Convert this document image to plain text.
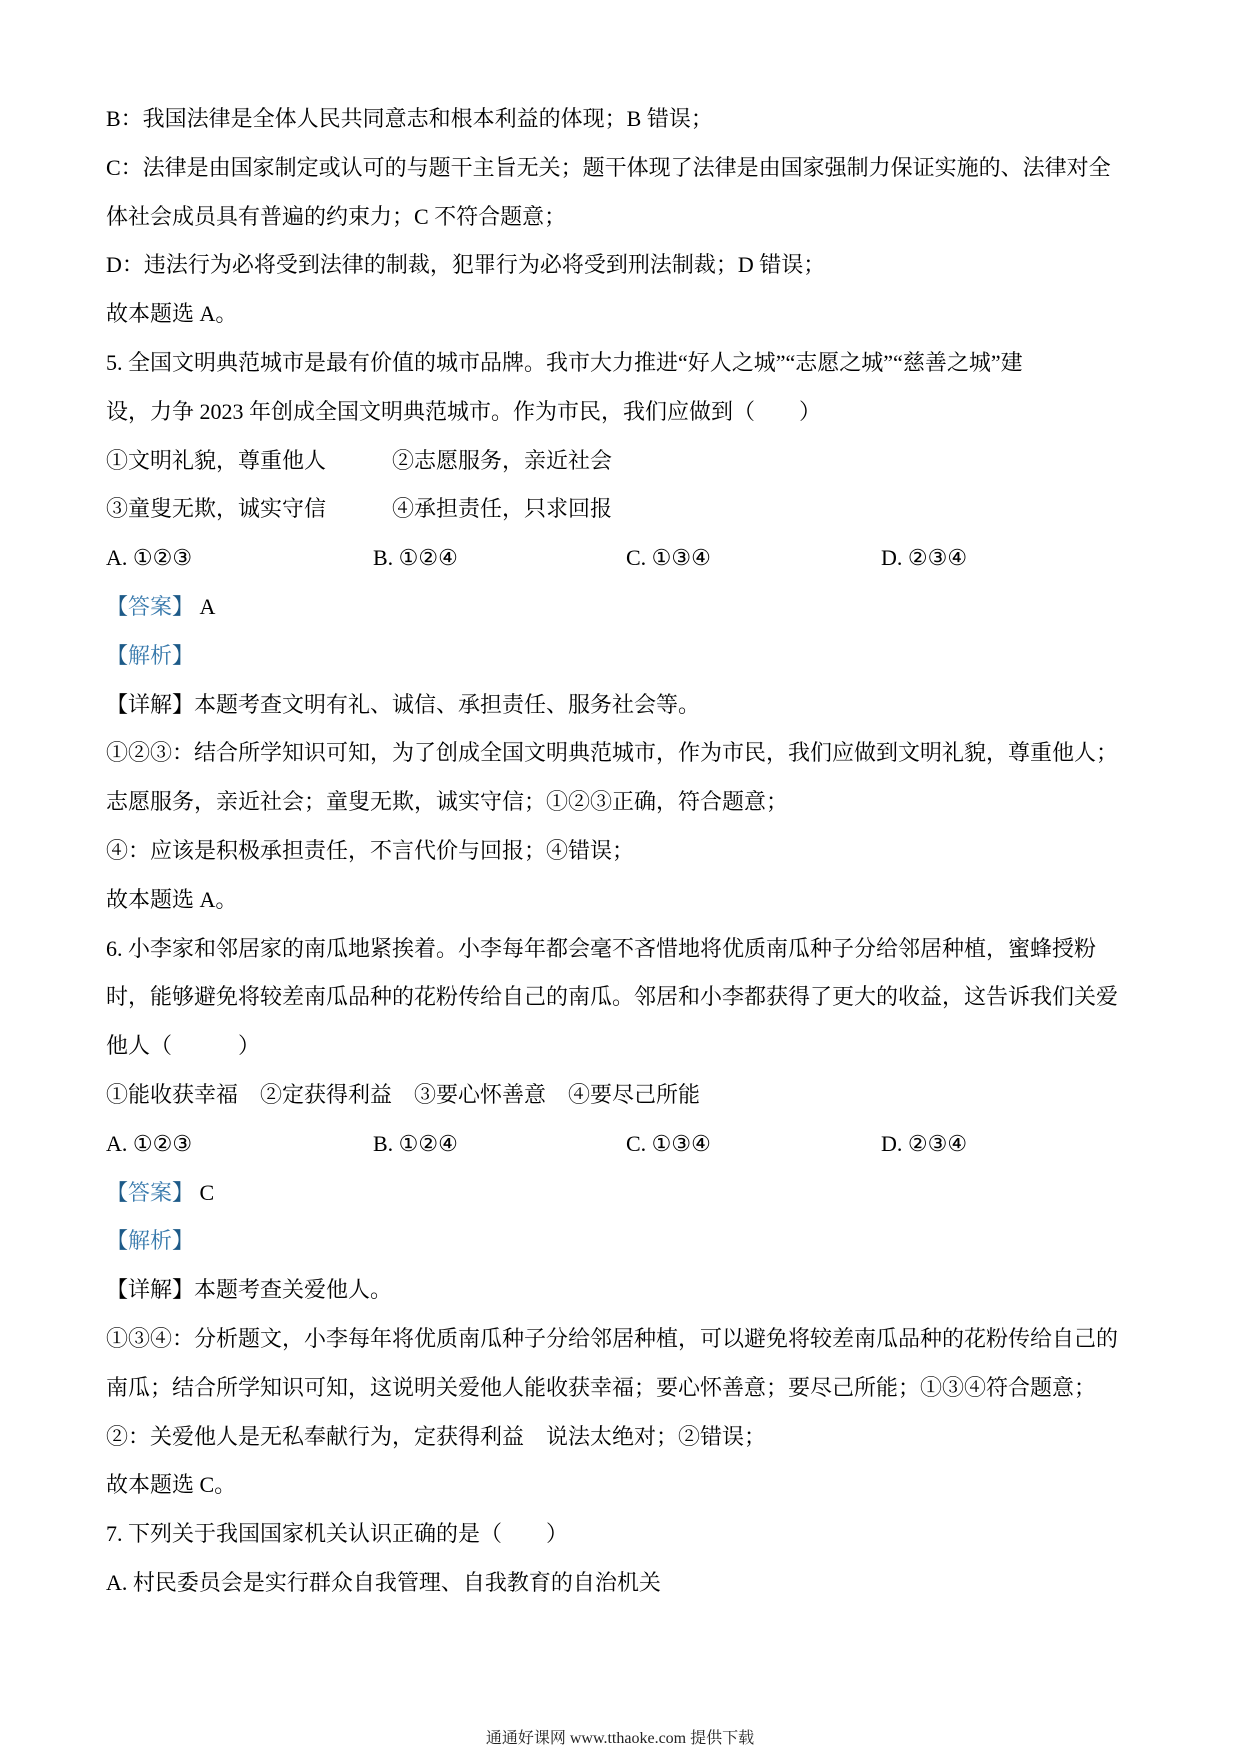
B：我国法律是全体人民共同意志和根本利益的体现；B 错误；
C：法律是由国家制定或认可的与题干主旨无关；题干体现了法律是由国家强制力保证实施的、法律对全
体社会成员具有普遍的约束力；C 不符合题意；
D：违法行为必将受到法律的制裁，犯罪行为必将受到刑法制裁；D 错误；
故本题选 A。
5. 全国文明典范城市是最有价值的城市品牌。我市大力推进“好人之城”“志愿之城”“慈善之城”建
设，力争 2023 年创成全国文明典范城市。作为市民，我们应做到（　　）
①文明礼貌，尊重他人　　　②志愿服务，亲近社会
③童叟无欺，诚实守信　　　④承担责任，只求回报
A. ①②③	B. ①②④	C. ①③④	D. ②③④
【答案】 A
【解析】
【详解】本题考查文明有礼、诚信、承担责任、服务社会等。
①②③：结合所学知识可知，为了创成全国文明典范城市，作为市民，我们应做到文明礼貌，尊重他人；
志愿服务，亲近社会；童叟无欺，诚实守信；①②③正确，符合题意；
④：应该是积极承担责任，不言代价与回报；④错误；
故本题选 A。
6. 小李家和邻居家的南瓜地紧挨着。小李每年都会毫不吝惜地将优质南瓜种子分给邻居种植，蜜蜂授粉
时，能够避免将较差南瓜品种的花粉传给自己的南瓜。邻居和小李都获得了更大的收益，这告诉我们关爱
他人（　　　）
①能收获幸福　②定获得利益　③要心怀善意　④要尽己所能
A. ①②③	B. ①②④	C. ①③④	D. ②③④
【答案】 C
【解析】
【详解】本题考查关爱他人。
①③④：分析题文，小李每年将优质南瓜种子分给邻居种植，可以避免将较差南瓜品种的花粉传给自己的
南瓜；结合所学知识可知，这说明关爱他人能收获幸福；要心怀善意；要尽己所能；①③④符合题意；
②：关爱他人是无私奉献行为，定获得利益　说法太绝对；②错误；
故本题选 C。
7. 下列关于我国国家机关认识正确的是（　　）
A. 村民委员会是实行群众自我管理、自我教育的自治机关
通通好课网 www.tthaoke.com 提供下载
